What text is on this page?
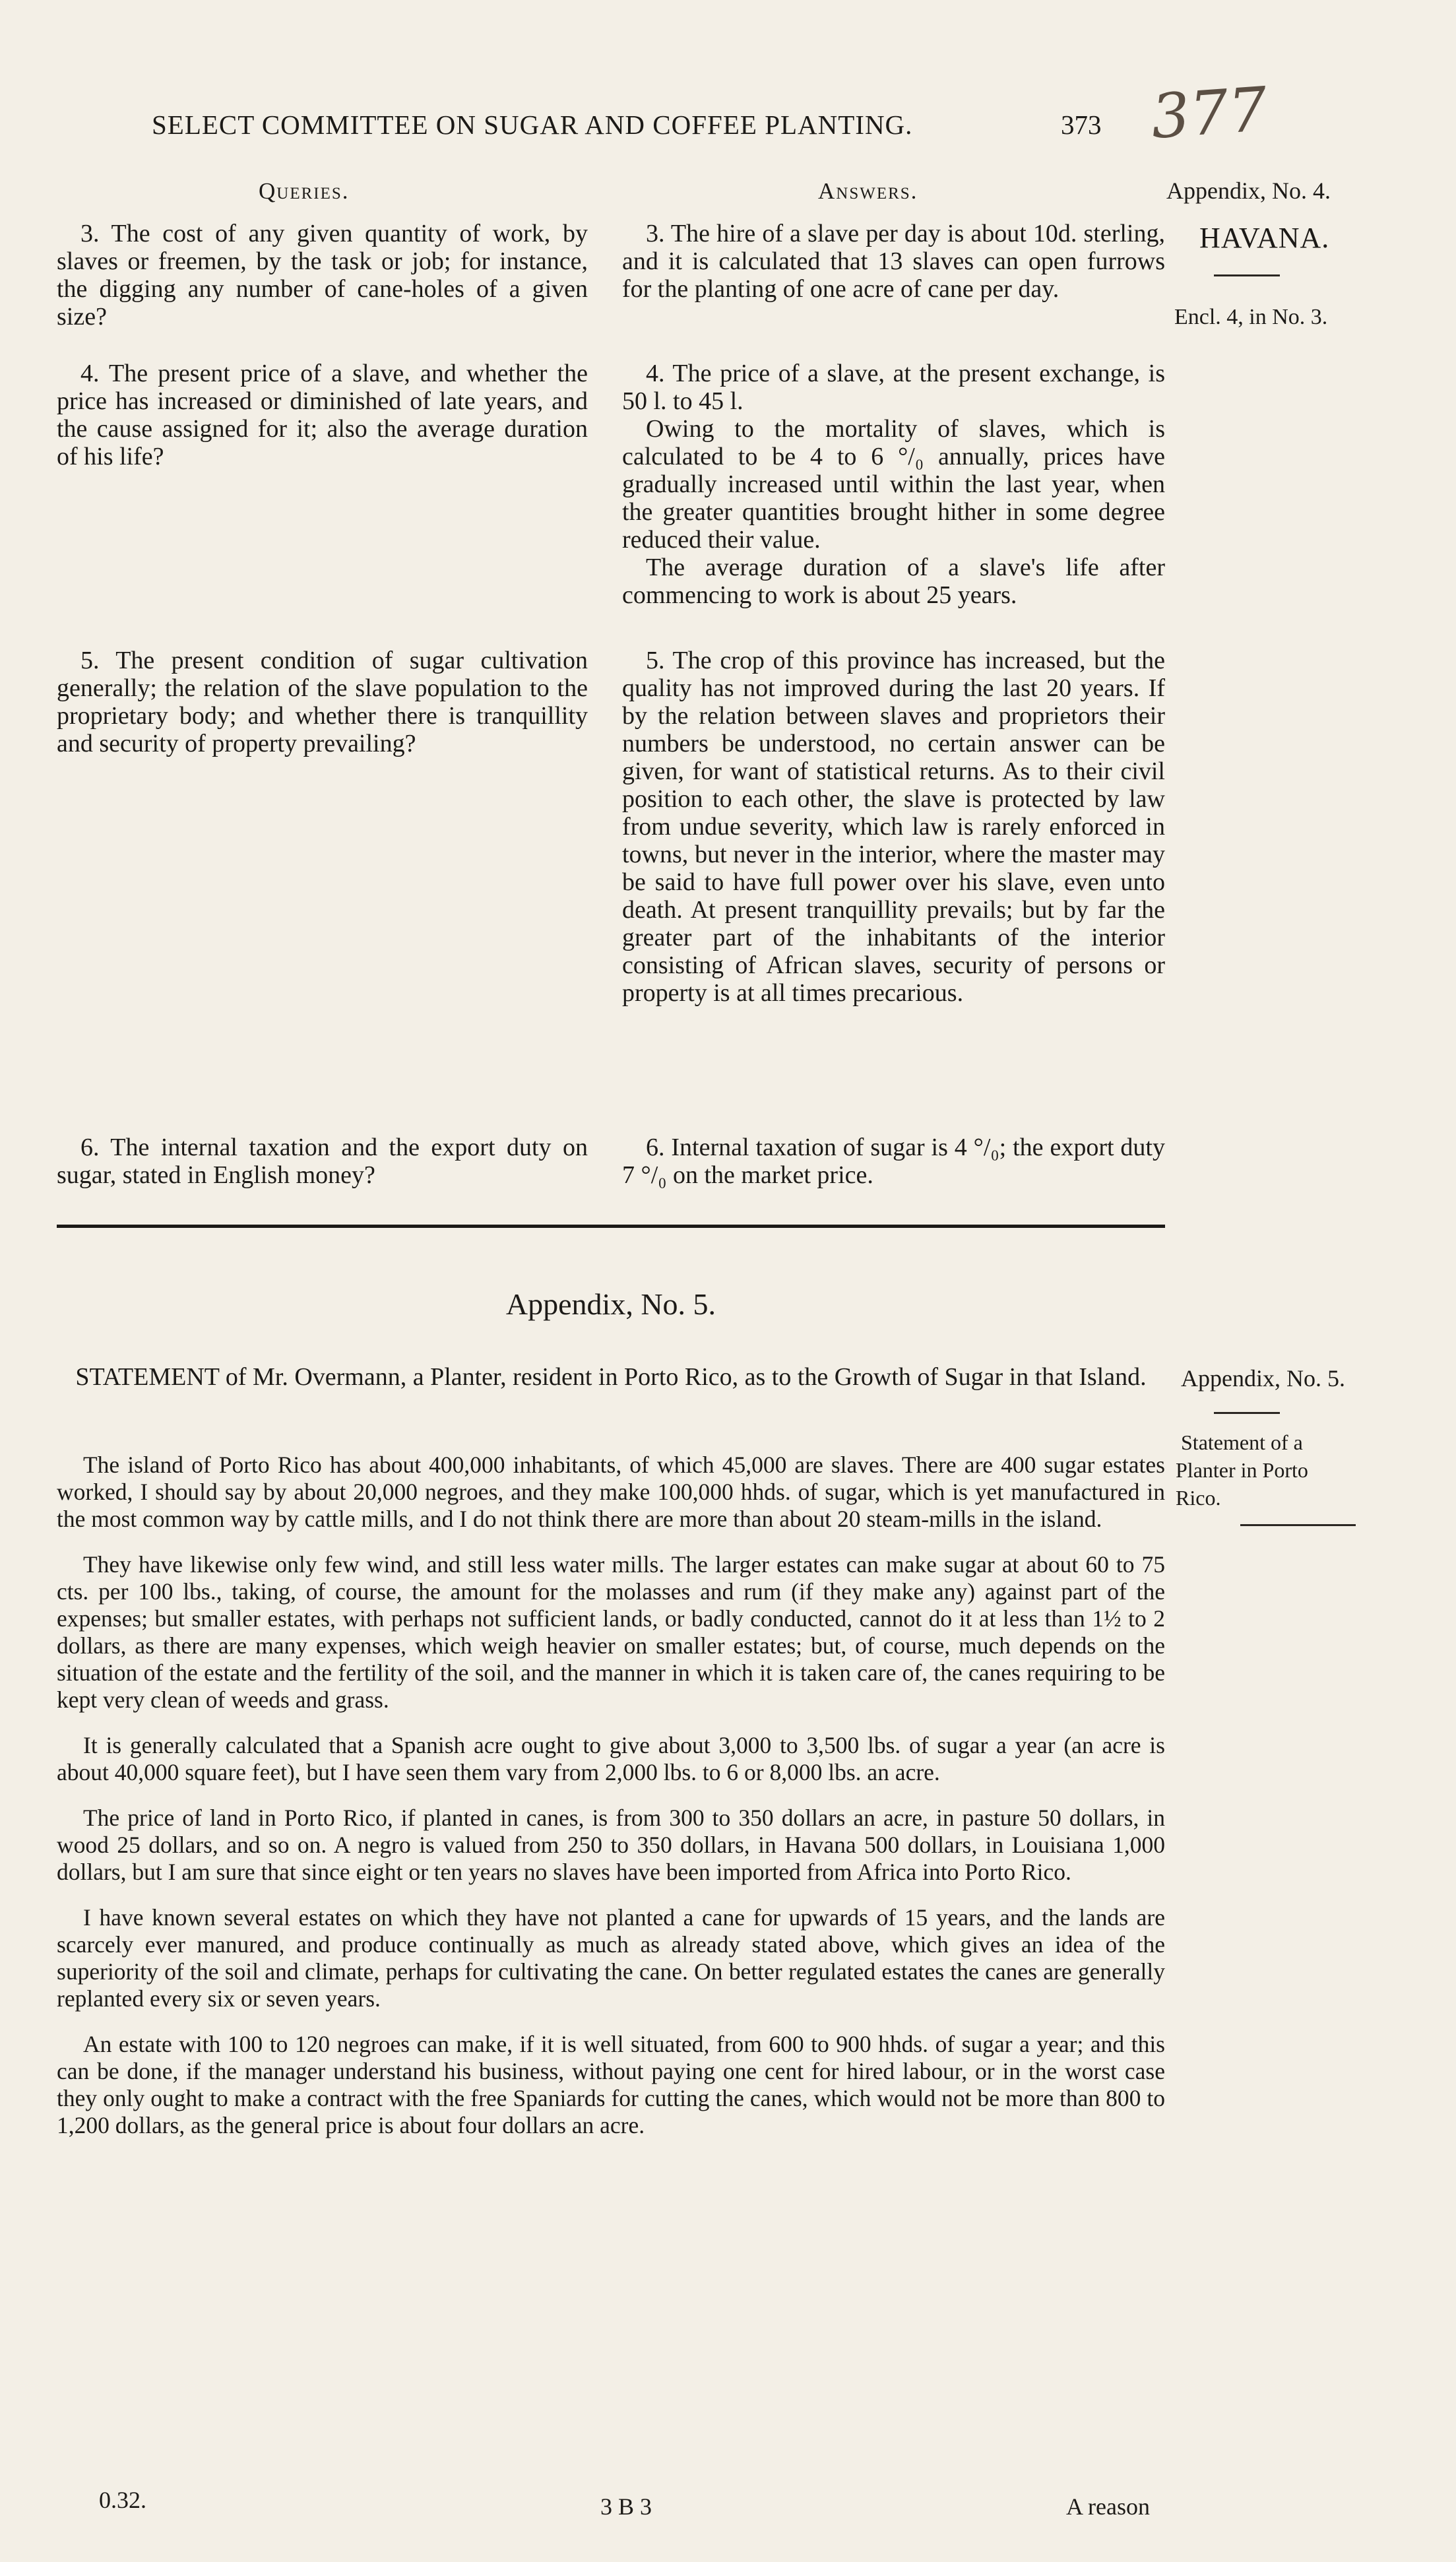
SELECT COMMITTEE ON SUGAR AND COFFEE PLANTING.	373 377
Appendix, No. 4.
HAVANA.
Encl. 4, in No. 3.
Queries.	Answers.

3. The cost of any given quantity of work, by slaves or freemen, by the task or job; for instance, the digging any number of cane-holes of a given size?

3. The hire of a slave per day is about 10d. sterling, and it is calculated that 13 slaves can open furrows for the planting of one acre of cane per day.

4. The present price of a slave, and whether the price has increased or diminished of late years, and the cause assigned for it; also the average duration of his life?

4. The price of a slave, at the present exchange, is 50 l. to 45 l.

Owing to the mortality of slaves, which is calculated to be 4 to 6 °/₀ annually, prices have gradually increased until within the last year, when the greater quantities brought hither in some degree reduced their value.

The average duration of a slave's life after commencing to work is about 25 years.

5. The present condition of sugar cultivation generally; the relation of the slave population to the proprietary body; and whether there is tranquillity and security of property prevailing?

5. The crop of this province has increased, but the quality has not improved during the last 20 years. If by the relation between slaves and proprietors their numbers be understood, no certain answer can be given, for want of statistical returns. As to their civil position to each other, the slave is protected by law from undue severity, which law is rarely enforced in towns, but never in the interior, where the master may be said to have full power over his slave, even unto death. At present tranquillity prevails; but by far the greater part of the inhabitants of the interior consisting of African slaves, security of persons or property is at all times precarious.

6. The internal taxation and the export duty on sugar, stated in English money?

6. Internal taxation of sugar is 4 °/₀; the export duty 7 °/₀ on the market price.

Appendix, No. 5.
STATEMENT of Mr. Overmann, a Planter, resident in Porto Rico, as to the Growth of Sugar in that Island.	Appendix, No. 5.
Statement of a
Planter in Porto
Rico.

The island of Porto Rico has about 400,000 inhabitants, of which 45,000 are slaves. There are 400 sugar estates worked, I should say by about 20,000 negroes, and they make 100,000 hhds. of sugar, which is yet manufactured in the most common way by cattle mills, and I do not think there are more than about 20 steam-mills in the island.

They have likewise only few wind, and still less water mills. The larger estates can make sugar at about 60 to 75 cts. per 100 lbs., taking, of course, the amount for the molasses and rum (if they make any) against part of the expenses; but smaller estates, with perhaps not sufficient lands, or badly conducted, cannot do it at less than 1½ to 2 dollars, as there are many expenses, which weigh heavier on smaller estates; but, of course, much depends on the situation of the estate and the fertility of the soil, and the manner in which it is taken care of, the canes requiring to be kept very clean of weeds and grass.

It is generally calculated that a Spanish acre ought to give about 3,000 to 3,500 lbs. of sugar a year (an acre is about 40,000 square feet), but I have seen them vary from 2,000 lbs. to 6 or 8,000 lbs. an acre.

The price of land in Porto Rico, if planted in canes, is from 300 to 350 dollars an acre, in pasture 50 dollars, in wood 25 dollars, and so on. A negro is valued from 250 to 350 dollars, in Havana 500 dollars, in Louisiana 1,000 dollars, but I am sure that since eight or ten years no slaves have been imported from Africa into Porto Rico.

I have known several estates on which they have not planted a cane for upwards of 15 years, and the lands are scarcely ever manured, and produce continually as much as already stated above, which gives an idea of the superiority of the soil and climate, perhaps for cultivating the cane. On better regulated estates the canes are generally replanted every six or seven years.

An estate with 100 to 120 negroes can make, if it is well situated, from 600 to 900 hhds. of sugar a year; and this can be done, if the manager understand his business, without paying one cent for hired labour, or in the worst case they only ought to make a contract with the free Spaniards for cutting the canes, which would not be more than 800 to 1,200 dollars, as the general price is about four dollars an acre.

0.32.	3 B 3	A reason
